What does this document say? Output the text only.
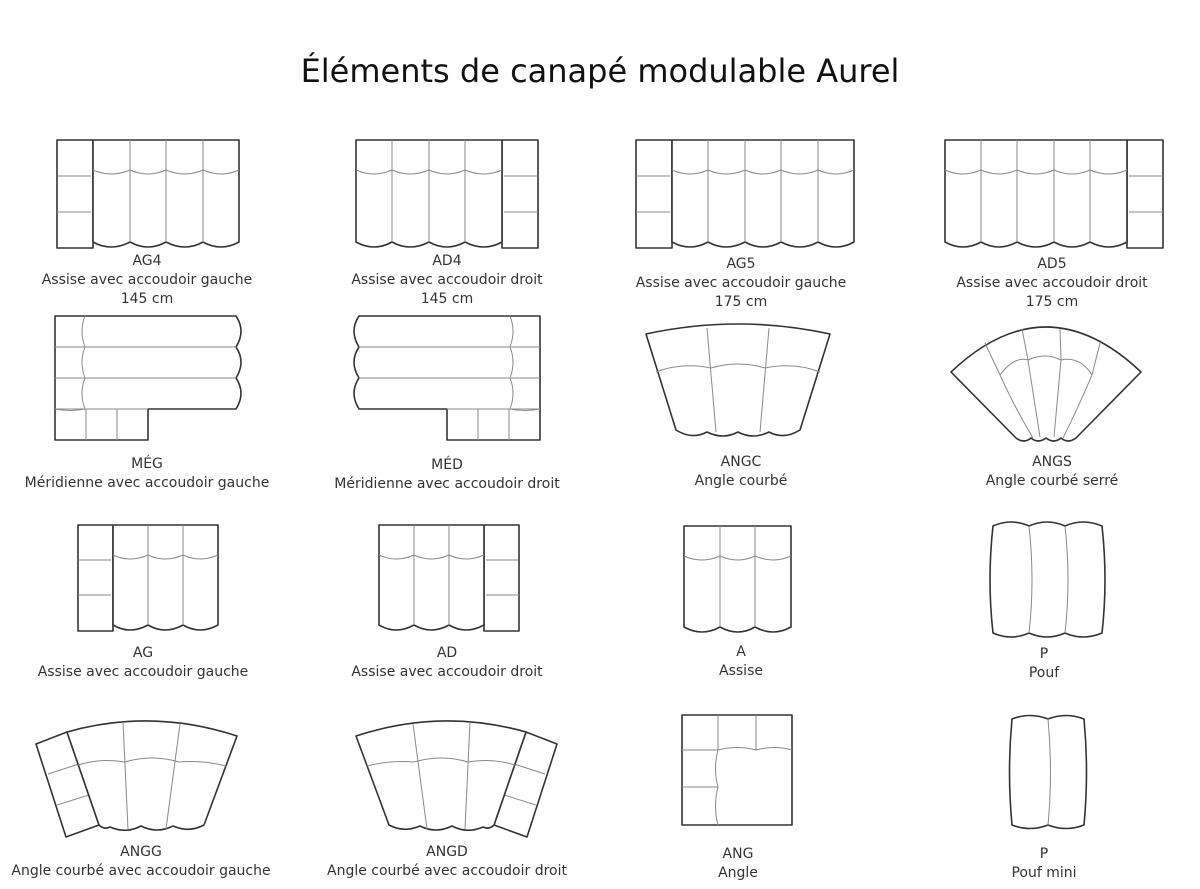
Éléments de canapé modulable Aurel
AG4
Assise avec accoudoir gauche
145 cm
AD4
Assise avec accoudoir droit
145 cm
AG5
Assise avec accoudoir gauche
175 cm
AD5
Assise avec accoudoir droit
175 cm
MÉG
Méridienne avec accoudoir gauche
MÉD
Méridienne avec accoudoir droit
ANGC
Angle courbé
ANGS
Angle courbé serré
AG
Assise avec accoudoir gauche
AD
Assise avec accoudoir droit
A
Assise
P
Pouf
ANGG
Angle courbé avec accoudoir gauche
ANGD
Angle courbé avec accoudoir droit
ANG
Angle
P
Pouf mini
